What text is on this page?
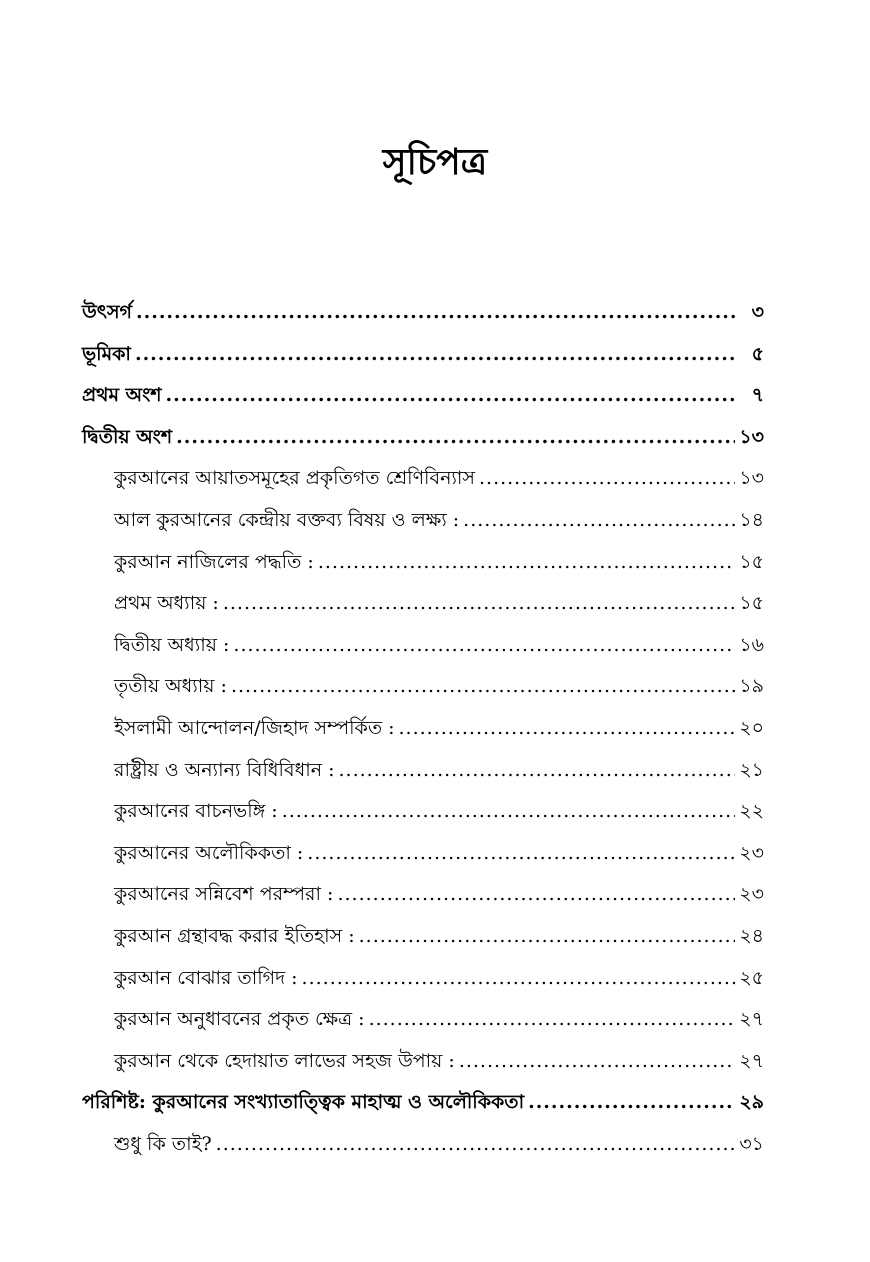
সূচিপত্র
উৎসর্গ .....	৩
ভূমিকা .....	৫
প্রথম অংশ .....	৭
দ্বিতীয় অংশ .....	১৩
কুরআনের আয়াতসমূহের প্রকৃতিগত শ্রেণিবিন্যাস .....	১৩
আল কুরআনের কেন্দ্রীয় বক্তব্য বিষয় ও লক্ষ্য : .....	১৪
কুরআন নাজিলের পদ্ধতি : .....	১৫
প্রথম অধ্যায় : .....	১৫
দ্বিতীয় অধ্যায় : .....	১৬
তৃতীয় অধ্যায় : .....	১৯
ইসলামী আন্দোলন/জিহাদ সম্পর্কিত : .....	২০
রাষ্ট্রীয় ও অন্যান্য বিধিবিধান : .....	২১
কুরআনের বাচনভঙ্গি : .....	২২
কুরআনের অলৌকিকতা : .....	২৩
কুরআনের সন্নিবেশ পরম্পরা : .....	২৩
কুরআন গ্রন্থাবদ্ধ করার ইতিহাস : .....	২৪
কুরআন বোঝার তাগিদ : .....	২৫
কুরআন অনুধাবনের প্রকৃত ক্ষেত্র : .....	২৭
কুরআন থেকে হেদায়াত লাভের সহজ উপায় : .....	২৭
পরিশিষ্ট: কুরআনের সংখ্যাতাত্ত্বিক মাহাত্ম ও অলৌকিকতা .....	২৯
শুধু কি তাই? .....	৩১
